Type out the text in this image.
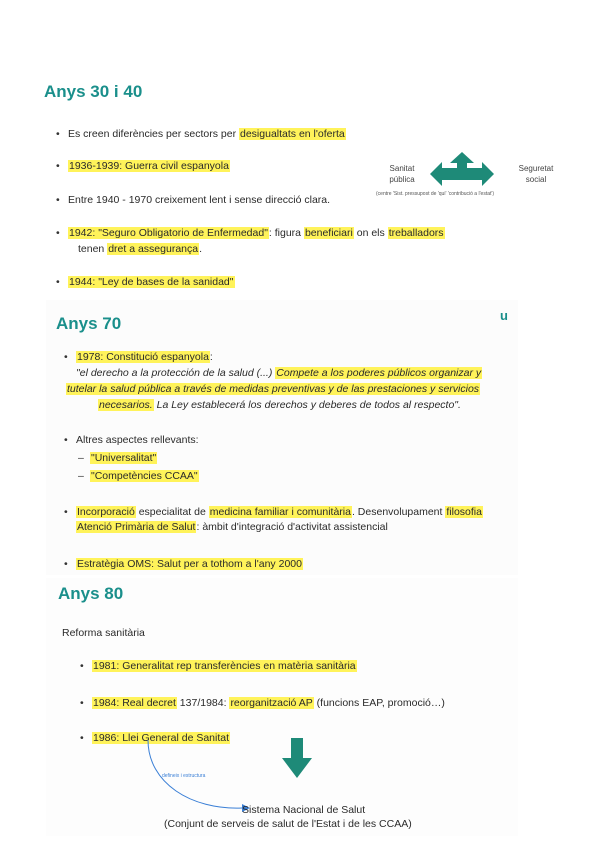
Anys 30 i 40
• Es creen diferències per sectors per desigualtats en l'oferta
• 1936-1939: Guerra civil espanyola
• Entre 1940 - 1970 creixement lent i sense direcció clara.
• 1942: "Seguro Obligatorio de Enfermedad": figura beneficiari on els treballadors
tenen dret a assegurança.
• 1944: "Ley de bases de la sanidad"
Sanitat
pública
Seguretat
social
(centre 'Sist. pressupost de 'qui' 'contribució a l'estat')
Anys 70	u
• 1978: Constitució espanyola:
"el derecho a la protección de la salud (...) Compete a los poderes públicos organizar y
tutelar la salud pública a través de medidas preventivas y de las prestaciones y servicios
necesarios. La Ley establecerá los derechos y deberes de todos al respecto".
• Altres aspectes rellevants:
– "Universalitat"
– "Competències CCAA"
• Incorporació especialitat de medicina familiar i comunitària. Desenvolupament filosofia
Atenció Primària de Salut: àmbit d'integració d'activitat assistencial
• Estratègia OMS: Salut per a tothom a l'any 2000
Anys 80
Reforma sanitària
• 1981: Generalitat rep transferències en matèria sanitària
• 1984: Real decret 137/1984: reorganització AP (funcions EAP, promoció…)
• 1986: Llei General de Sanitat
defineix i estructura
Sistema Nacional de Salut
(Conjunt de serveis de salut de l'Estat i de les CCAA)
